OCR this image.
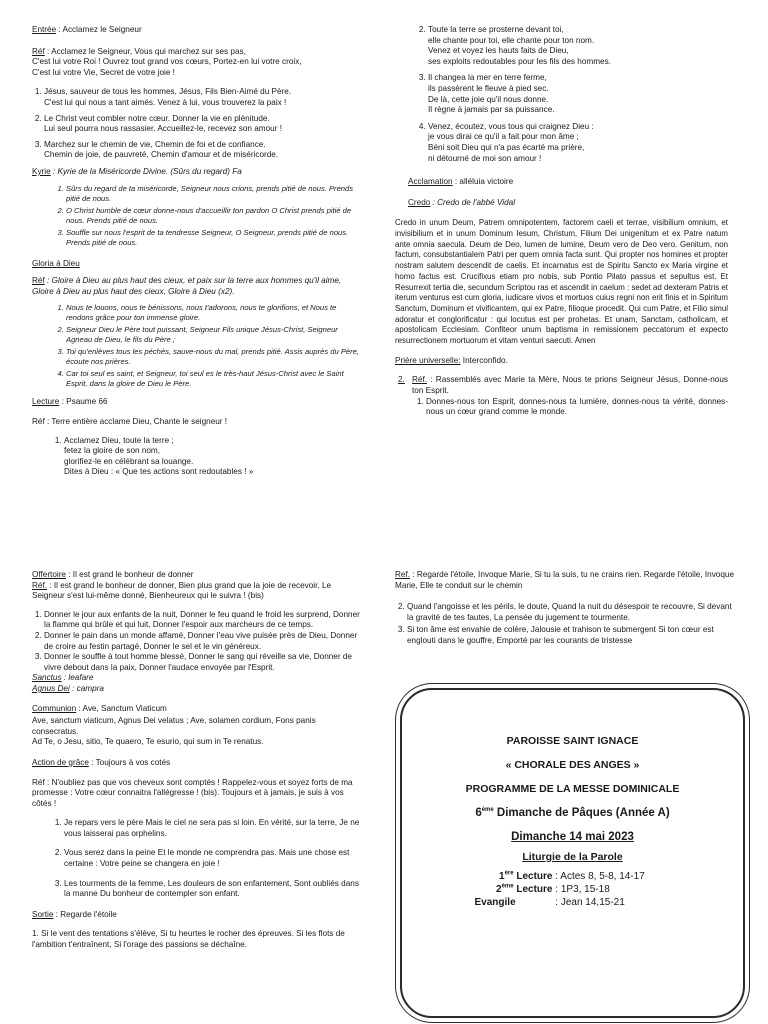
Entrée : Acclamez le Seigneur

Réf : Acclamez le Seigneur, Vous qui marchez sur ses pas,

C'est lui votre Roi ! Ouvrez tout grand vos cœurs, Portez-en lui votre croix,

C'est lui votre Vie, Secret de votre joie !

1. Jésus, sauveur de tous les hommes, Jésus, Fils Bien-Aimé du Père.

C'est lui qui nous a tant aimés. Venez à lui, vous trouverez la paix !

2. Le Christ veut combler notre cœur. Donner la vie en plénitude.

Lui seul pourra nous rassasier. Accueillez-le, recevez son amour !

3. Marchez sur le chemin de vie, Chemin de foi et de confiance.

Chemin de joie, de pauvreté, Chemin d'amour et de miséricorde.

Kyrie : Kyrie de la Miséricorde Divine. (Sûrs du regard) Fa

1. Sûrs du regard de ta miséricorde, Seigneur nous crions, prends pitié de nous. Prends pitié de nous.
2. O Christ humble de cœur donne-nous d'accueillir ton pardon O Christ prends pitié de nous. Prends pitié de nous.
3. Souffle sur nous l'esprit de ta tendresse Seigneur, O Seigneur, prends pitié de nous. Prends pitié de nous.

Gloria à Dieu

Réf : Gloire à Dieu au plus haut des cieux, et paix sur la terre aux hommes qu'il aime, Gloire à Dieu au plus haut des cieux, Gloire à Dieu (x2).

1. Nous te louons, nous te bénissons, nous t'adorons, nous te glorifions, et Nous te rendons grâce pour ton immense gloire.
2. Seigneur Dieu le Père tout puissant, Seigneur Fils unique Jésus-Christ, Seigneur Agneau de Dieu, le fils du Père ;
3. Toi qu'enlèves tous les péchés, sauve-nous du mal, prends pitié. Assis auprès du Père, écoute nos prières.
4. Car toi seul es saint, et Seigneur, toi seul es le très-haut Jésus-Christ avec le Saint Esprit, dans la gloire de Dieu le Père.

Lecture : Psaume 66

Réf : Terre entière acclame Dieu, Chante le seigneur !

1. Acclamez Dieu, toute la terre ;

fetez la gloire de son nom,

glorifiez-le en célébrant sa louange.

Dites à Dieu : « Que tes actions sont redoutables ! »

2. Toute la terre se prosterne devant toi,

elle chante pour toi, elle chante pour ton nom.

Venez et voyez les hauts faits de Dieu,

ses exploits redoutables pour les fils des hommes.

3. Il changea la mer en terre ferme,

ils passèrent le fleuve à pied sec.

De là, cette joie qu'il nous donne.

Il règne à jamais par sa puissance.

4. Venez, écoutez, vous tous qui craignez Dieu :

je vous dirai ce qu'il a fait pour mon âme ;

Béni soit Dieu qui n'a pas écarté ma prière,

ni détourné de moi son amour !

Acclamation : alléluia victoire

Credo : Credo de l'abbé Vidal

Credo in unum Deum, Patrem omnipotentem, factorem caeli et terrae, visibilium omnium, et invisibilium et in unum Dominum Iesum, Christum, Filium Dei unigenitum et ex Patre natum ante omnia saecula. Deum de Deo, lumen de lumine, Deum vero de Deo vero. Genitum, non factum, consubstantialem Patri per quem omnia facta sunt. Qui propter nos homines et propter nostram salutem descendit de caelis. Et incarnatus est de Spiritu Sancto ex Maria virgine et homo factus est. Crucifixus etiam pro nobis, sub Pontio Pilato passus et sepultus est. Et Resurrexit tertia die, secundum Scriptou ras et ascendit in caelum : sedet ad dexteram Patris et iterum venturus est cum gloria, iudicare vivos et mortuos cuius regni non erit finis et in Spiritum Sanctum, Dominum et vivificantem, qui ex Patre, filioque procedit. Qui cum Patre, et Filio simul adoratur et conglorificatur : qui locutus est per prohetas. Et unam, Sanctam, catholicam, et apostolicam Ecclesiam. Confiteor unum baptisma in remissionem peccatorum et expecto resurrectionem mortuorum et vitam venturi saecuti. Amen

Prière universelle: Interconfido.

2. Réf. : Rassemblés avec Marie ta Mère, Nous te prions Seigneur Jésus, Donne-nous ton Esprit.
1. Donnes-nous ton Esprit, donnes-nous ta lumière, donnes-nous ta vérité, donnes-nous un cœur grand comme le monde.

Offertoire : Il est grand le bonheur de donner

Réf. : Il est grand le bonheur de donner, Bien plus grand que la joie de recevoir. Le Seigneur s'est lui-même donné, Bienheureux qui le suivra ! (bis)

1. Donner le jour aux enfants de la nuit, Donner le feu quand le froid les surprend, Donner la flamme qui brûle et qui luit, Donner l'espoir aux marcheurs de ce temps.
2. Donner le pain dans un monde affamé, Donner l'eau vive puisée près de Dieu, Donner de croire au festin partagé, Donner le sel et le vin généreux.
3. Donner le souffle à tout homme blessé, Donner le sang qui réveille sa vie, Donner de vivre debout dans la paix, Donner l'audace envoyée par l'Esprit.

Sanctus : leafare

Agnus Dei : campra

Communion : Ave, Sanctum Viaticum

Ave, sanctum viaticum, Agnus Dei velatus ; Ave, solamen cordium, Fons panis consecratus.

Ad Te, o Jesu, sitio, Te quaero, Te esurio, qui sum in Te renatus.

Action de grâce : Toujours à vos cotés

Réf : N'oubliez pas que vos cheveux sont comptés ! Rappelez-vous et soyez forts de ma promesse : Votre cœur connaitra l'allégresse ! (bis). Toujours et à jamais, je suis à vos côtés !

1. Je repars vers le père Mais le ciel ne sera pas si loin. En vérité, sur la terre, Je ne vous laisserai pas orphelins.
2. Vous serez dans la peine Et le monde ne comprendra pas. Mais une chose est certaine : Votre peine se changera en joie !
3. Les tourments de la femme, Les douleurs de son enfantement, Sont oubliés dans la manne Du bonheur de contempler son enfant.

Sortie : Regarde l'étoile

1. Si le vent des tentations s'élève, Si tu heurtes le rocher des épreuves. Si les flots de l'ambition t'entraînent, Si l'orage des passions se déchaîne.

Ref. : Regarde l'étoile, Invoque Marie, Si tu la suis, tu ne crains rien. Regarde l'étoile, Invoque Marie, Elle te conduit sur le chemin

2. Quand l'angoisse et les périls, le doute, Quand la nuit du désespoir te recouvre, Si devant la gravité de tes fautes, La pensée du jugement te tourmente.
3. Si ton âme est envahie de colère, Jalousie et trahison te submergent Si ton cœur est englouti dans le gouffre, Emporté par les courants de tristesse

PAROISSE SAINT IGNACE

« CHORALE DES ANGES »

PROGRAMME DE LA MESSE DOMINICALE

6ème Dimanche de Pâques (Année A)

Dimanche 14 mai 2023

Liturgie de la Parole

1ère Lecture : Actes 8, 5-8, 14-17
2ème Lecture : 1P3, 15-18
Evangile	: Jean 14,15-21
